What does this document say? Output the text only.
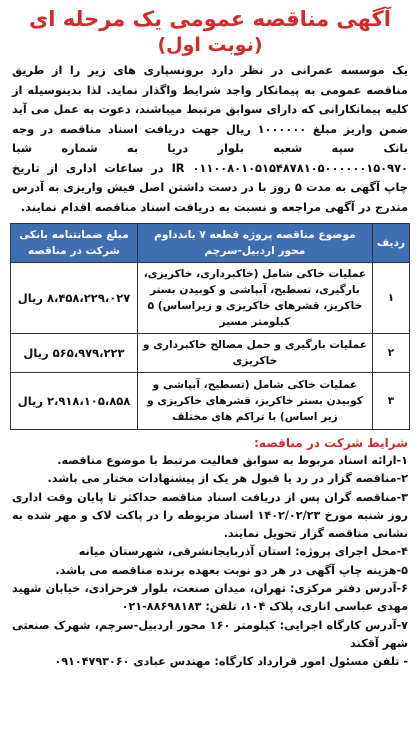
آگهی مناقصه عمومی یک مرحله ای
(نوبت اول)
یک موسسه عمرانی در نظر دارد برونسپاری های زیر را از طریق مناقصه عمومی به پیمانکار واجد شرایط واگذار نماید. لذا بدینوسیله از کلیه پیمانکارانی که دارای سوابق مرتبط میباشند، دعوت به عمل می آید ضمن واریز مبلغ ۱۰۰۰۰۰۰ ریال جهت دریافت اسناد مناقصه در وجه بانک سپه شعبه بلوار دریا به شماره شبا ۰۱۱۰۰۸۰۱۰۵۱۵۴۸۷۸۱۰۵۰۰۰۰۰۰۱۵۰۹۷۰ IR در ساعات اداری از تاریخ چاپ آگهی به مدت ۵ روز با در دست داشتن اصل فیش واریزی به آدرس مندرج در آگهی مراجعه و نسبت به دریافت اسناد مناقصه اقدام نمایند.
ردیف	موضوع مناقصه پروژه قطعه ۷ باندداوم محور اردبیل-سرچم	مبلغ ضمانتنامه بانکی شرکت در مناقصه
۱	عملیات خاکی شامل (خاکبرداری، خاکریزی، بارگیری، تسطیح، آبپاشی و کوبیدن بستر خاکریز، قشرهای خاکریزی و زیراساس) ۵ کیلومتر مسیر	۸،۴۵۸،۲۲۹،۰۲۷ ریال
۲	عملیات بارگیری و حمل مصالح خاکبرداری و خاکریزی	۵۶۵،۹۷۹،۲۲۳ ریال
۳	عملیات خاکی شامل (تسطیح، آبپاشی و کوبیدن بستر خاکریز، قشرهای خاکریزی و زیر اساس) با تراکم های مختلف	۲،۹۱۸،۱۰۵،۸۵۸ ریال
شرایط شرکت در مناقصه:
۱-ارائه اسناد مربوط به سوابق فعالیت مرتبط با موضوع مناقصه.
۲-مناقصه گزار در رد یا قبول هر یک از پیشنهادات مختار می باشد.
۳-مناقصه گران پس از دریافت اسناد مناقصه حداکثر تا پایان وقت اداری روز شنبه مورخ ۱۴۰۲/۰۲/۲۳ اسناد مربوطه را در پاکت لاک و مهر شده به نشانی مناقصه گزار تحویل نمایند.
۴-محل اجرای پروژه: استان آذربایجانشرقی، شهرستان میانه
۵-هزینه چاپ آگهی در هر دو نوبت بعهده برنده مناقصه می باشد.
۶-آدرس دفتر مرکزی: تهران، میدان صنعت، بلوار فرحزادی، خیابان شهید مهدی عباسی اناری، پلاک ۱۰۴، تلفن: ۸۸۶۹۸۱۸۳-۰۲۱
۷-آدرس کارگاه اجرایی: کیلومتر ۱۶۰ محور اردبیل-سرچم، شهرک صنعتی شهر آقکند
- تلفن مسئول امور قرارداد کارگاه: مهندس عبادی ۰۹۱۰۴۷۹۳۰۶۰
